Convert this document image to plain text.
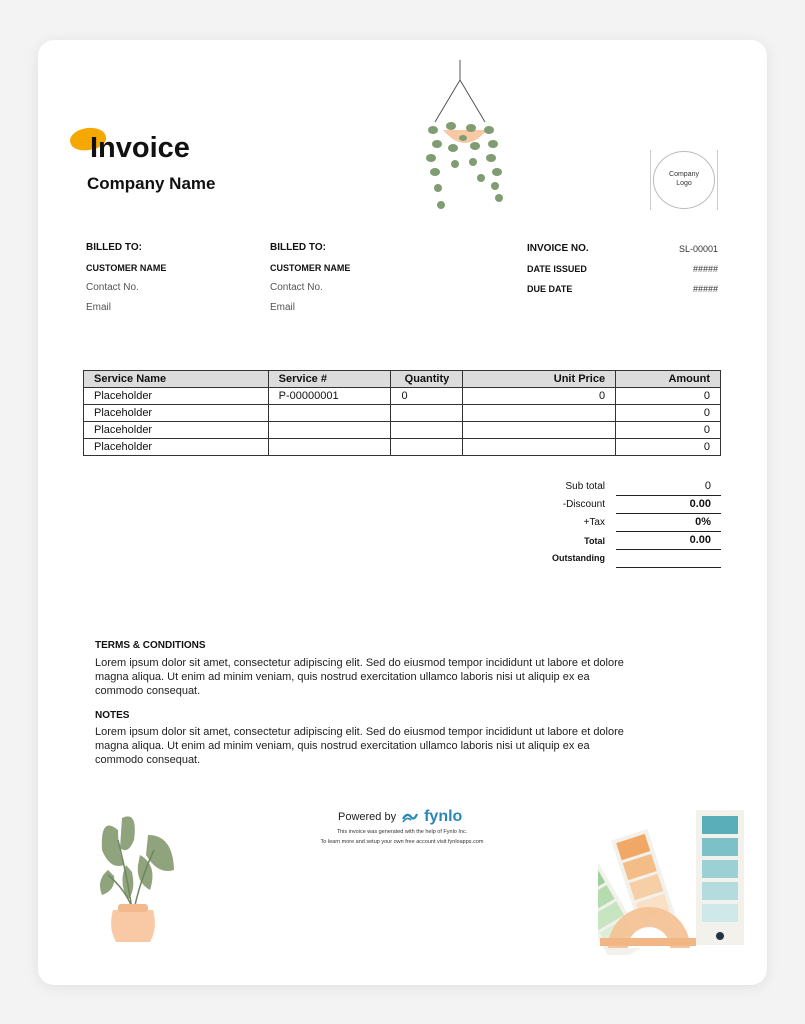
Invoice
Company Name	Company
Logo
BILLED TO:
CUSTOMER NAME
Contact No.
Email
BILLED TO:
CUSTOMER NAME
Contact No.
Email
INVOICE NO.	SL-00001
DATE ISSUED	#####
DUE DATE	#####
Service Name	Service #	Quantity	Unit Price	Amount
Placeholder	P-00000001	0	0	0
Placeholder				0
Placeholder				0
Placeholder				0
Sub total	0
-Discount	0.00
+Tax	0%
Total	0.00
Outstanding
TERMS & CONDITIONS
Lorem ipsum dolor sit amet, consectetur adipiscing elit. Sed do eiusmod tempor incididunt ut labore et dolore
magna aliqua. Ut enim ad minim veniam, quis nostrud exercitation ullamco laboris nisi ut aliquip ex ea
commodo consequat.
NOTES
Lorem ipsum dolor sit amet, consectetur adipiscing elit. Sed do eiusmod tempor incididunt ut labore et dolore
magna aliqua. Ut enim ad minim veniam, quis nostrud exercitation ullamco laboris nisi ut aliquip ex ea
commodo consequat.
Powered by fynlo
This invoice was generated with the help of Fynlo Inc.
To learn more and setup your own free account visit fynloapps.com
